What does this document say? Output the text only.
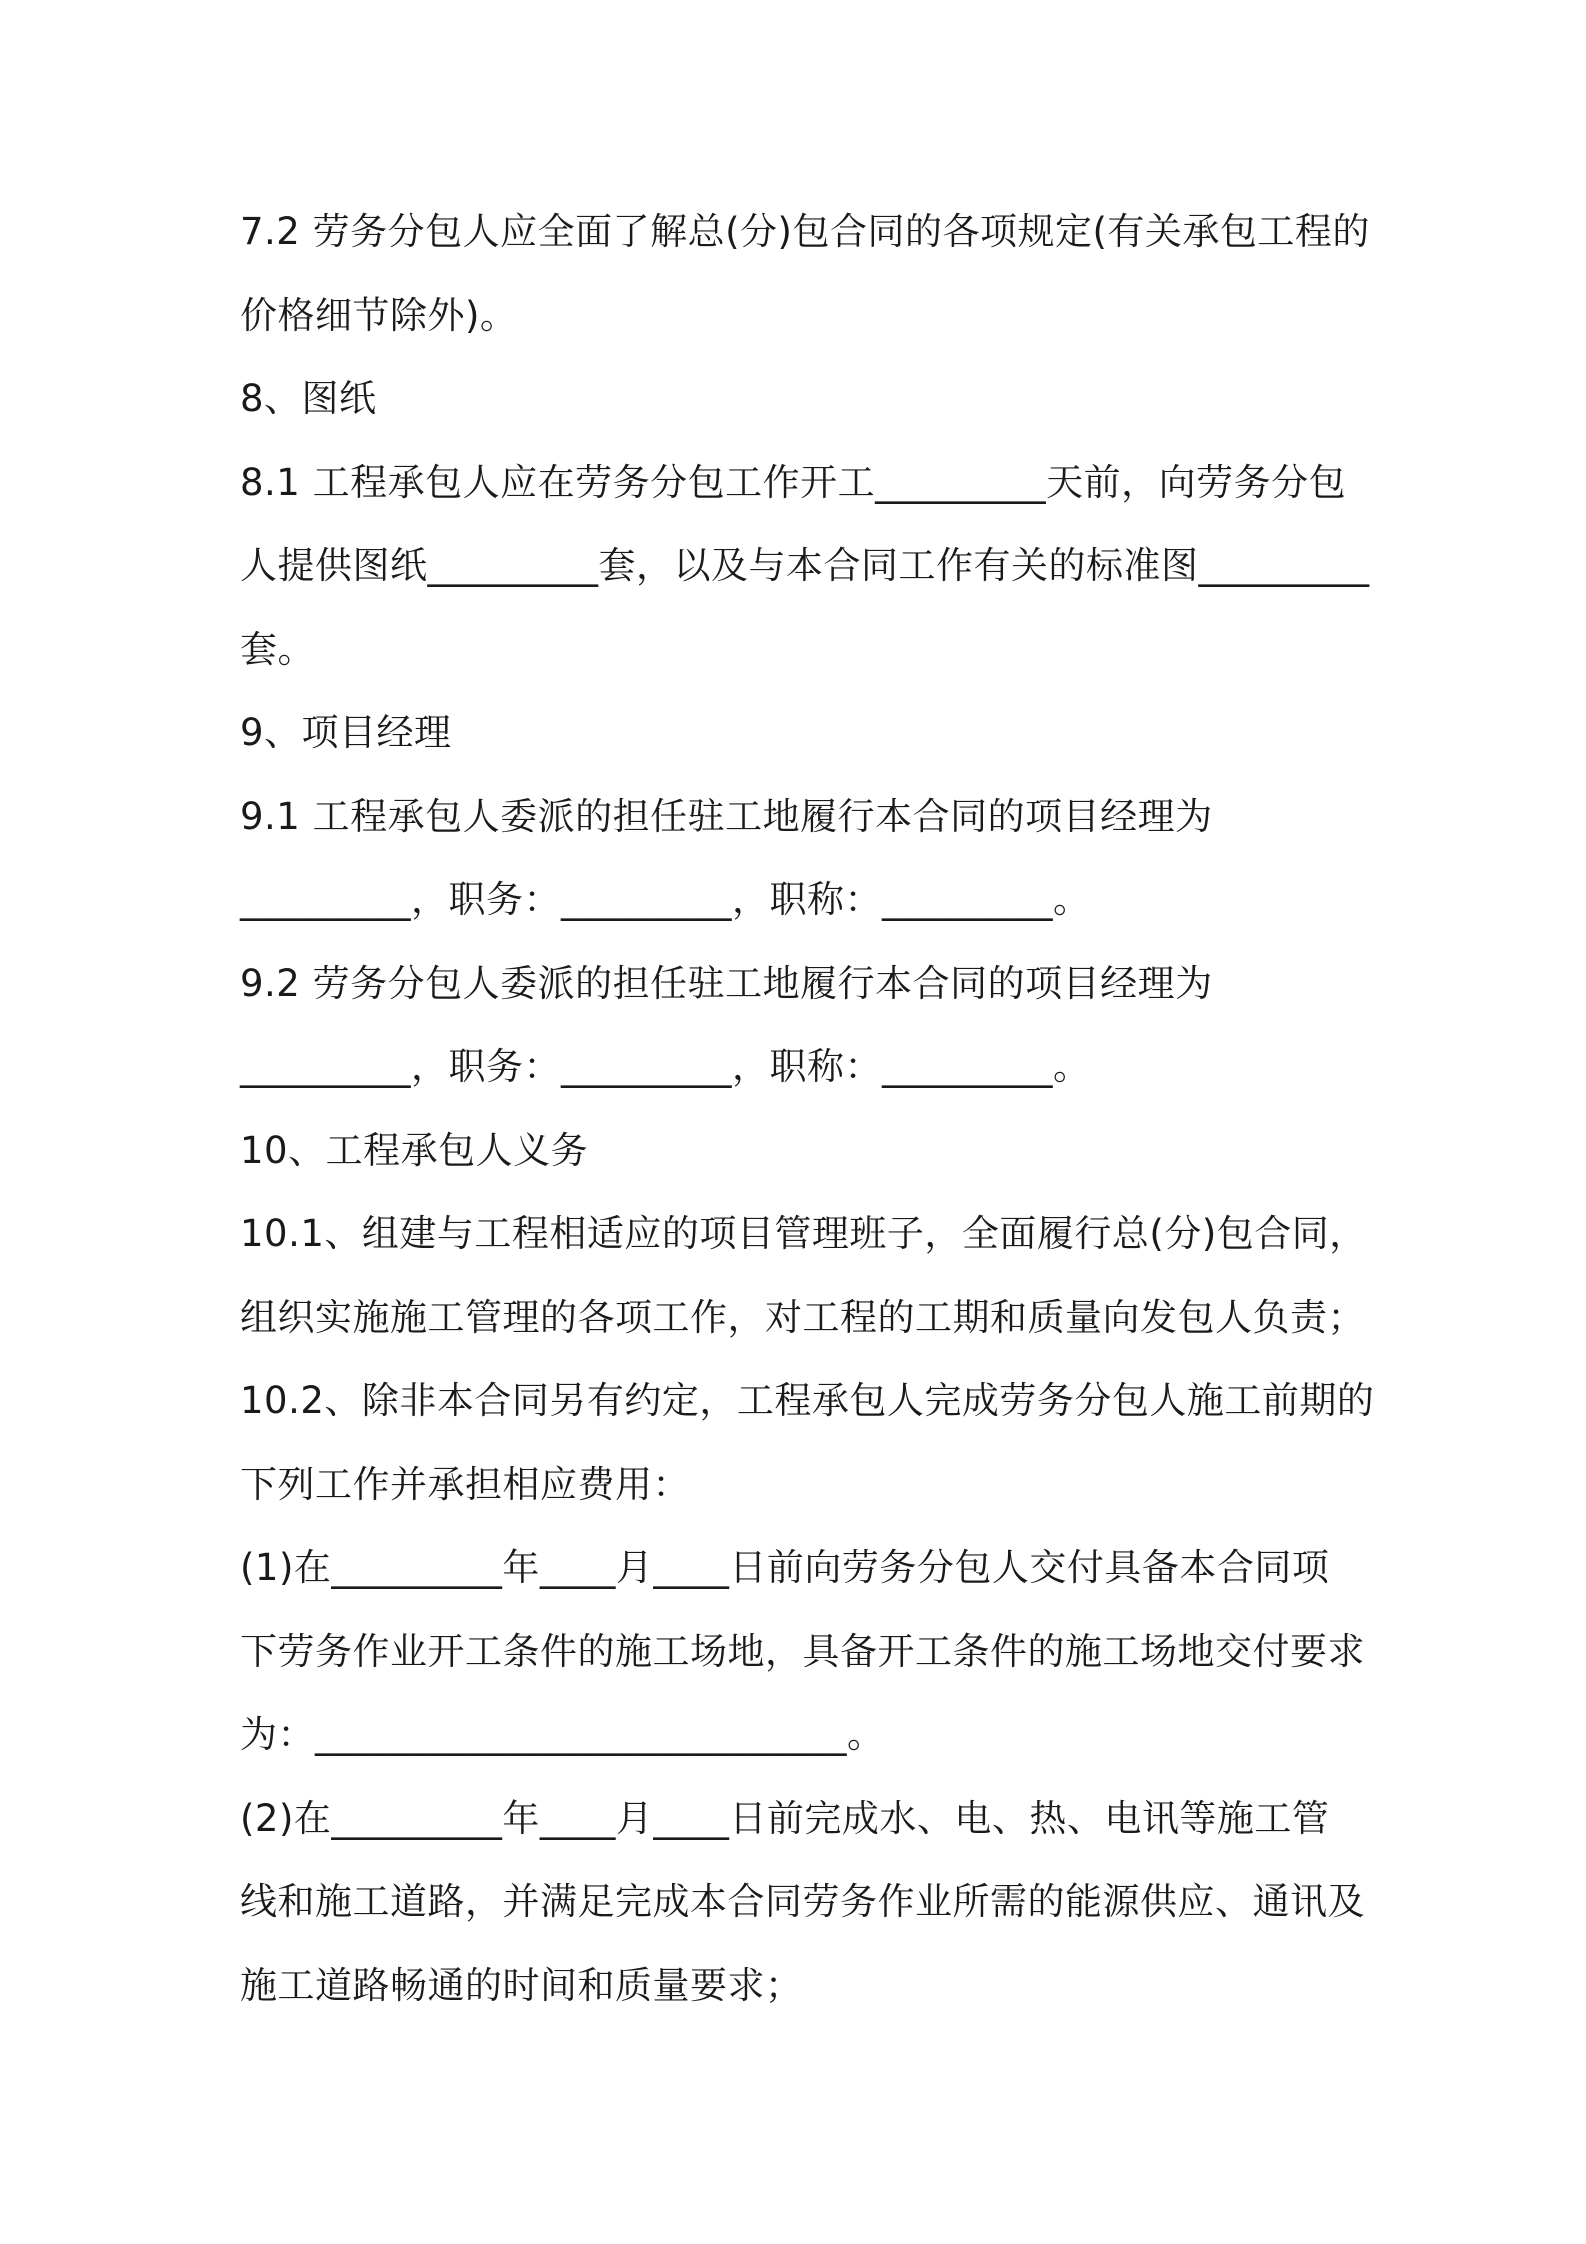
7.2 劳务分包人应全面了解总(分)包合同的各项规定(有关承包工程的
价格细节除外)。
8、图纸
8.1 工程承包人应在劳务分包工作开工_________天前，向劳务分包
人提供图纸_________套，以及与本合同工作有关的标准图_________
套。
9、项目经理
9.1 工程承包人委派的担任驻工地履行本合同的项目经理为
_________，职务：_________，职称：_________。
9.2 劳务分包人委派的担任驻工地履行本合同的项目经理为
_________，职务：_________，职称：_________。
10、工程承包人义务
10.1、组建与工程相适应的项目管理班子，全面履行总(分)包合同，
组织实施施工管理的各项工作，对工程的工期和质量向发包人负责；
10.2、除非本合同另有约定，工程承包人完成劳务分包人施工前期的
下列工作并承担相应费用：
(1)在_________年____月____日前向劳务分包人交付具备本合同项
下劳务作业开工条件的施工场地，具备开工条件的施工场地交付要求
为：____________________________。
(2)在_________年____月____日前完成水、电、热、电讯等施工管
线和施工道路，并满足完成本合同劳务作业所需的能源供应、通讯及
施工道路畅通的时间和质量要求；
